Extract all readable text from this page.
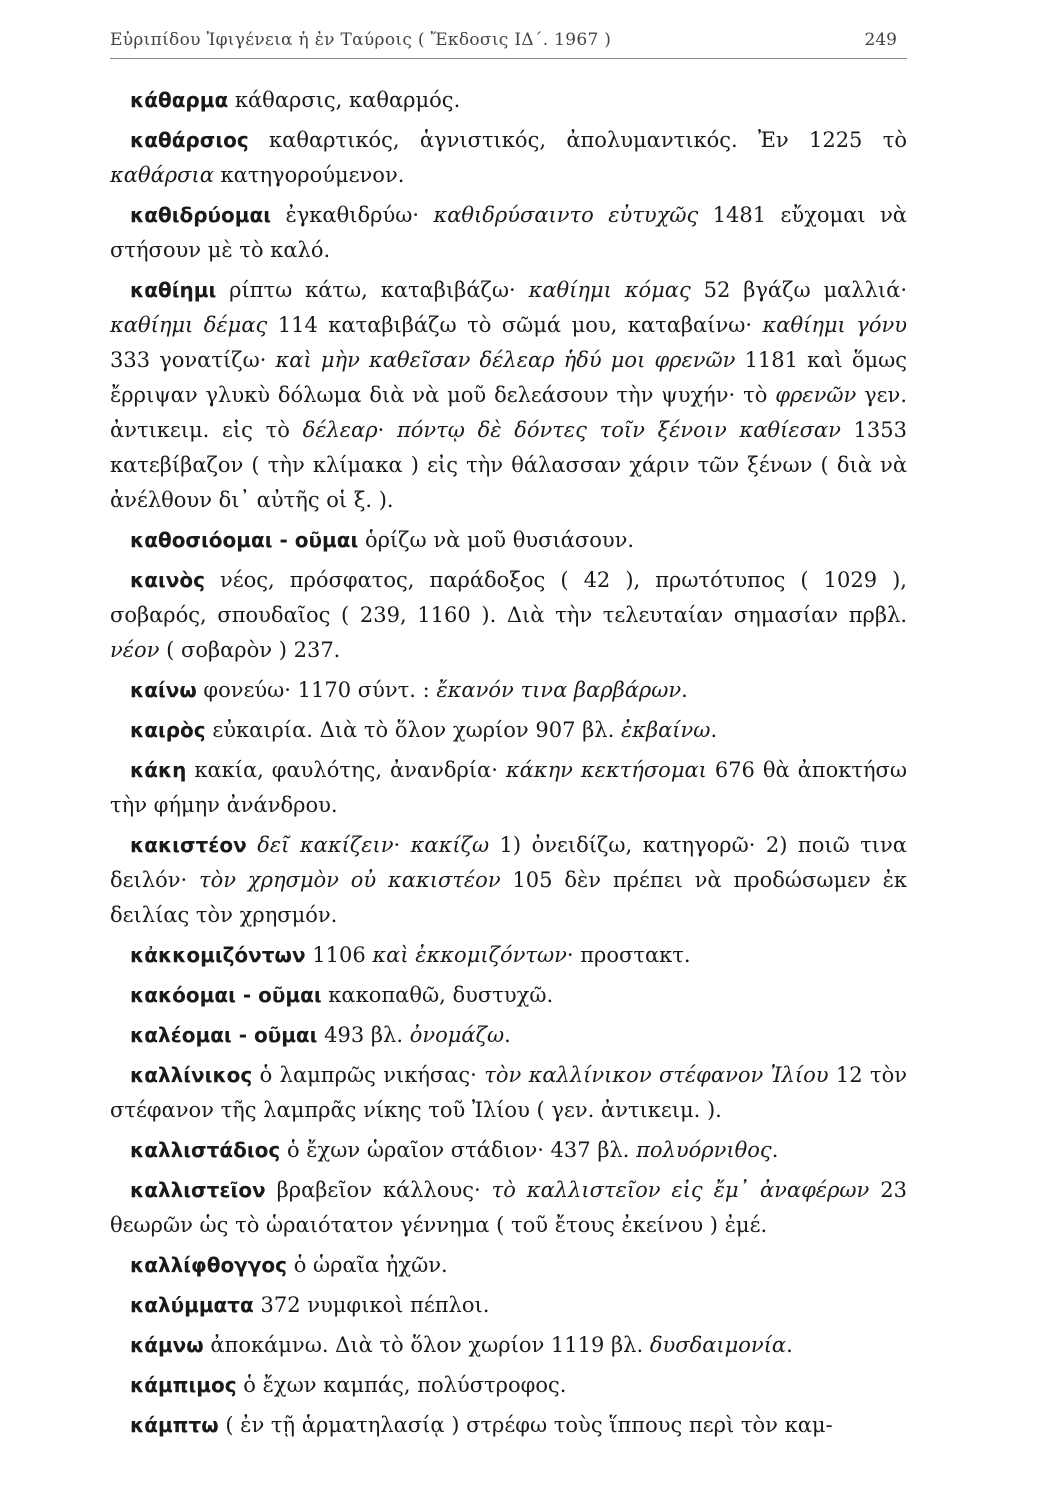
Εὐριπίδου Ἰφιγένεια ἡ ἐν Ταύροις ( Ἔκδοσις ΙΔ΄. 1967 )	249

κάθαρμα κάθαρσις, καθαρμός.

καθάρσιος καθαρτικός, ἁγνιστικός, ἀπολυμαντικός. Ἐν 1225 τὸ καθάρσια κατηγορούμενον.

καθιδρύομαι ἐγκαθιδρύω· καθιδρύσαιντο εὐτυχῶς 1481 εὔχομαι νὰ στήσουν μὲ τὸ καλό.

καθίημι ρίπτω κάτω, καταβιβάζω· καθίημι κόμας 52 βγάζω μαλλιά· καθίημι δέμας 114 καταβιβάζω τὸ σῶμά μου, καταβαίνω· καθίημι γόνυ 333 γονατίζω· καὶ μὴν καθεῖσαν δέλεαρ ἡδύ μοι φρενῶν 1181 καὶ ὅμως ἔρριψαν γλυκὺ δόλωμα διὰ νὰ μοῦ δελεάσουν τὴν ψυχήν· τὸ φρενῶν γεν. ἀντικειμ. εἰς τὸ δέλεαρ· πόντῳ δὲ δόντες τοῖν ξένοιν καθίεσαν 1353 κατεβίβαζον ( τὴν κλίμακα ) εἰς τὴν θάλασσαν χάριν τῶν ξένων ( διὰ νὰ ἀνέλθουν δι᾽ αὐτῆς οἱ ξ. ).

καθοσιόομαι - οῦμαι ὁρίζω νὰ μοῦ θυσιάσουν.

καινὸς νέος, πρόσφατος, παράδοξος ( 42 ), πρωτότυπος ( 1029 ), σοβαρός, σπουδαῖος ( 239, 1160 ). Διὰ τὴν τελευταίαν σημασίαν πρβλ. νέον ( σοβαρὸν ) 237.

καίνω φονεύω· 1170 σύντ. : ἔκανόν τινα βαρβάρων.

καιρὸς εὐκαιρία. Διὰ τὸ ὅλον χωρίον 907 βλ. ἐκβαίνω.

κάκη κακία, φαυλότης, ἀνανδρία· κάκην κεκτήσομαι 676 θὰ ἀποκτήσω τὴν φήμην ἀνάνδρου.

κακιστέον δεῖ κακίζειν· κακίζω 1) ὀνειδίζω, κατηγορῶ· 2) ποιῶ τινα δειλόν· τὸν χρησμὸν οὐ κακιστέον 105 δὲν πρέπει νὰ προδώσωμεν ἐκ δειλίας τὸν χρησμόν.

κἀκκομιζόντων 1106 καὶ ἐκκομιζόντων· προστακτ.

κακόομαι - οῦμαι κακοπαθῶ, δυστυχῶ.

καλέομαι - οῦμαι 493 βλ. ὀνομάζω.

καλλίνικος ὁ λαμπρῶς νικήσας· τὸν καλλίνικον στέφανον Ἰλίου 12 τὸν στέφανον τῆς λαμπρᾶς νίκης τοῦ Ἰλίου ( γεν. ἀντικειμ. ).

καλλιστάδιος ὁ ἔχων ὡραῖον στάδιον· 437 βλ. πολυόρνιθος.

καλλιστεῖον βραβεῖον κάλλους· τὸ καλλιστεῖον εἰς ἔμ᾽ ἀναφέρων 23 θεωρῶν ὡς τὸ ὡραιότατον γέννημα ( τοῦ ἔτους ἐκείνου ) ἐμέ.

καλλίφθογγος ὁ ὡραῖα ἠχῶν.

καλύμματα 372 νυμφικοὶ πέπλοι.

κάμνω ἀποκάμνω. Διὰ τὸ ὅλον χωρίον 1119 βλ. δυσδαιμονία.

κάμπιμος ὁ ἔχων καμπάς, πολύστροφος.

κάμπτω ( ἐν τῇ ἁρματηλασίᾳ ) στρέφω τοὺς ἵππους περὶ τὸν καμ-
